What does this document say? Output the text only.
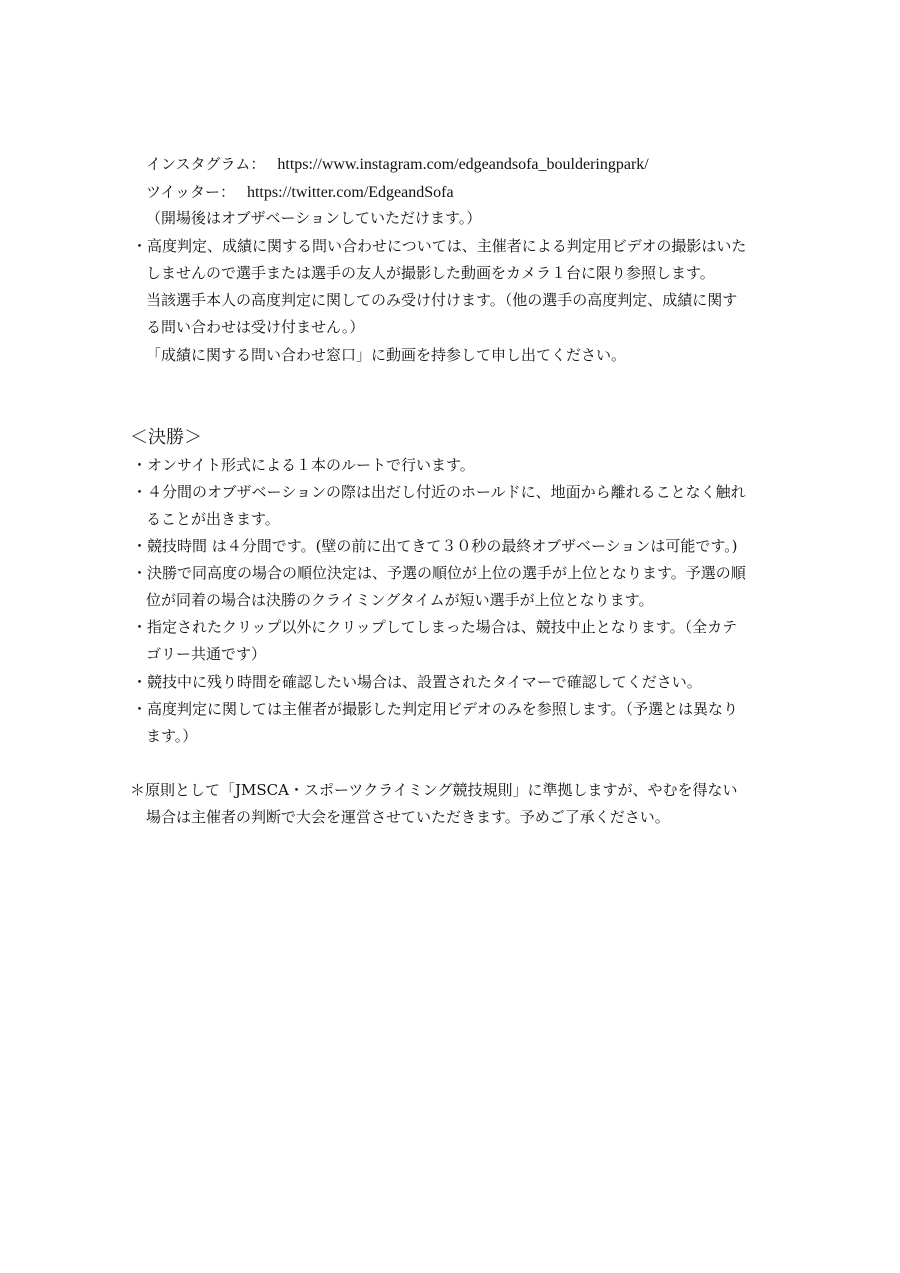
インスタグラム： https://www.instagram.com/edgeandsofa_boulderingpark/
ツイッター： https://twitter.com/EdgeandSofa
（開場後はオブザベーションしていただけます。）
・高度判定、成績に関する問い合わせについては、主催者による判定用ビデオの撮影はいた
しませんので選手または選手の友人が撮影した動画をカメラ１台に限り参照します。
当該選手本人の高度判定に関してのみ受け付けます。（他の選手の高度判定、成績に関す
る問い合わせは受け付ません。）
「成績に関する問い合わせ窓口」に動画を持参して申し出てください。
＜決勝＞
・オンサイト形式による１本のルートで行います。
・４分間のオブザベーションの際は出だし付近のホールドに、地面から離れることなく触れ
ることが出きます。
・競技時間 は４分間です。(壁の前に出てきて３０秒の最終オブザベーションは可能です。)
・決勝で同高度の場合の順位決定は、予選の順位が上位の選手が上位となります。予選の順
位が同着の場合は決勝のクライミングタイムが短い選手が上位となります。
・指定されたクリップ以外にクリップしてしまった場合は、競技中止となります。（全カテ
ゴリー共通です）
・競技中に残り時間を確認したい場合は、設置されたタイマーで確認してください。
・高度判定に関しては主催者が撮影した判定用ビデオのみを参照します。（予選とは異なり
ます。）
＊原則として「JMSCA・スポーツクライミング競技規則」に準拠しますが、やむを得ない
場合は主催者の判断で大会を運営させていただきます。予めご了承ください。
